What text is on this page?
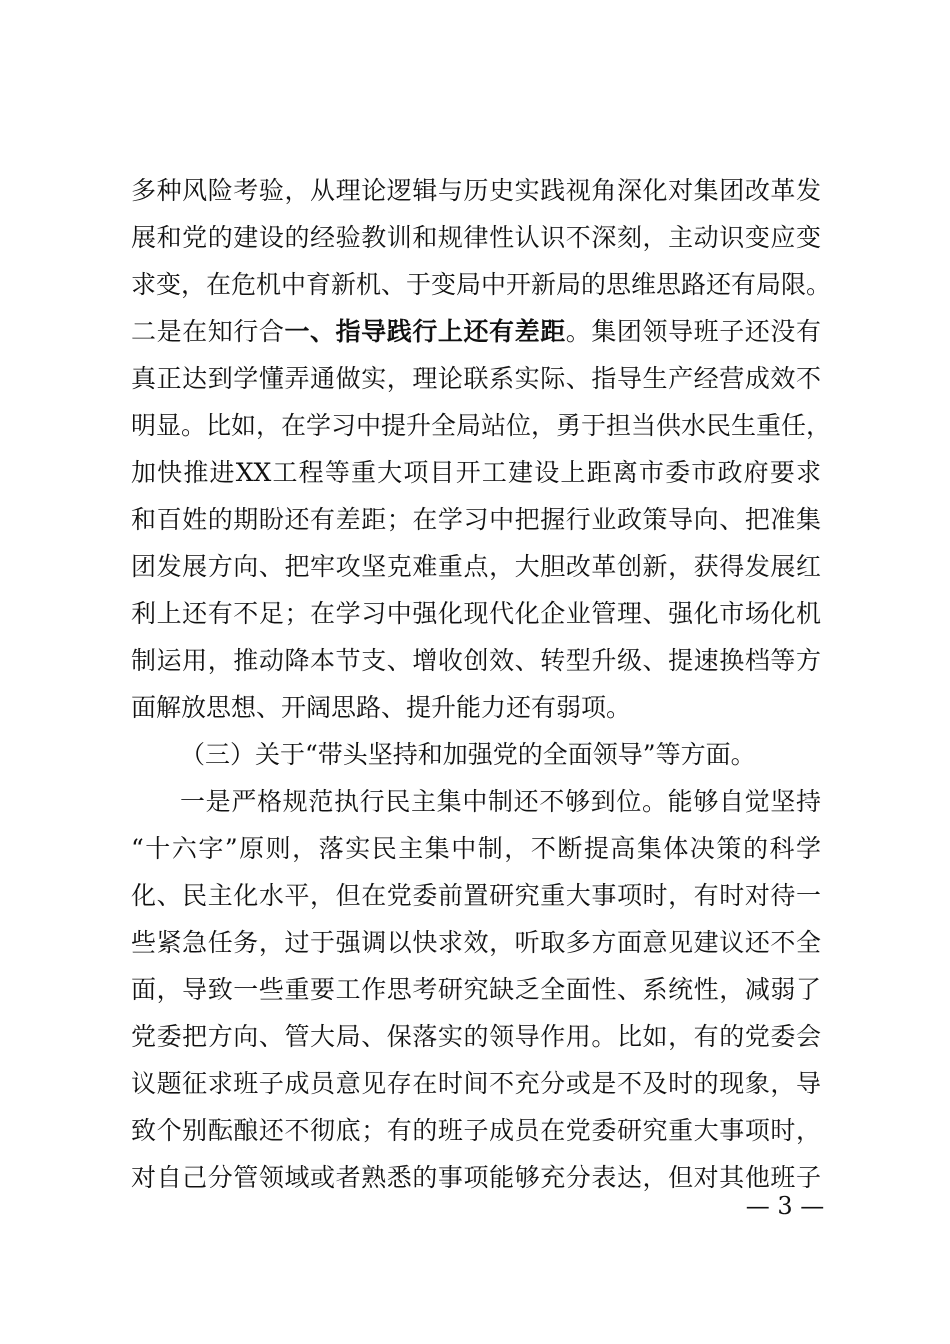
多种风险考验，从理论逻辑与历史实践视角深化对集团改革发
展和党的建设的经验教训和规律性认识不深刻，主动识变应变
求变，在危机中育新机、于变局中开新局的思维思路还有局限。
二是在知行合一、指导践行上还有差距。集团领导班子还没有
真正达到学懂弄通做实，理论联系实际、指导生产经营成效不
明显。比如，在学习中提升全局站位，勇于担当供水民生重任，
加快推进XX工程等重大项目开工建设上距离市委市政府要求
和百姓的期盼还有差距；在学习中把握行业政策导向、把准集
团发展方向、把牢攻坚克难重点，大胆改革创新，获得发展红
利上还有不足；在学习中强化现代化企业管理、强化市场化机
制运用，推动降本节支、增收创效、转型升级、提速换档等方
面解放思想、开阔思路、提升能力还有弱项。
（三）关于“带头坚持和加强党的全面领导”等方面。
一是严格规范执行民主集中制还不够到位。能够自觉坚持
“十六字”原则，落实民主集中制，不断提高集体决策的科学
化、民主化水平，但在党委前置研究重大事项时，有时对待一
些紧急任务，过于强调以快求效，听取多方面意见建议还不全
面，导致一些重要工作思考研究缺乏全面性、系统性，减弱了
党委把方向、管大局、保落实的领导作用。比如，有的党委会
议题征求班子成员意见存在时间不充分或是不及时的现象，导
致个别酝酿还不彻底；有的班子成员在党委研究重大事项时，
对自己分管领域或者熟悉的事项能够充分表达，但对其他班子
— 3 —
